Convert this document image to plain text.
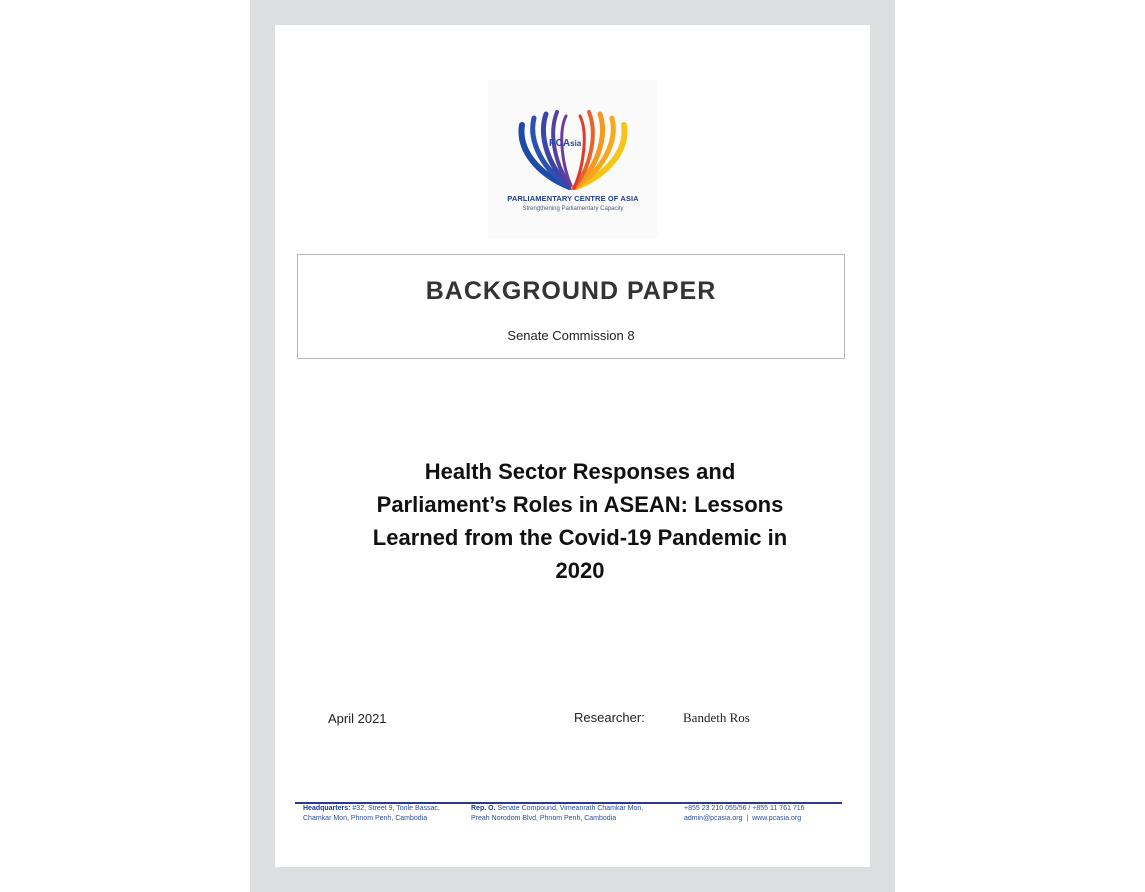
PCAsia
PARLIAMENTARY CENTRE OF ASIA
Strengthening Parliamentary Capacity
BACKGROUND PAPER
Senate Commission 8
Health Sector Responses and
Parliament’s Roles in ASEAN: Lessons
Learned from the Covid-19 Pandemic in
2020
April 2021	Researcher:	Bandeth Ros
Headquarters: #32, Street 9, Tonle Bassac,
Chamkar Mon, Phnom Penh, Cambodia
Rep. O. Senate Compound, Vimeanrath Chamkar Mon,
Preah Norodom Blvd, Phnom Penh, Cambodia
+855 23 210 055/56 / +855 11 761 716
admin@pcasia.org  |  www.pcasia.org
